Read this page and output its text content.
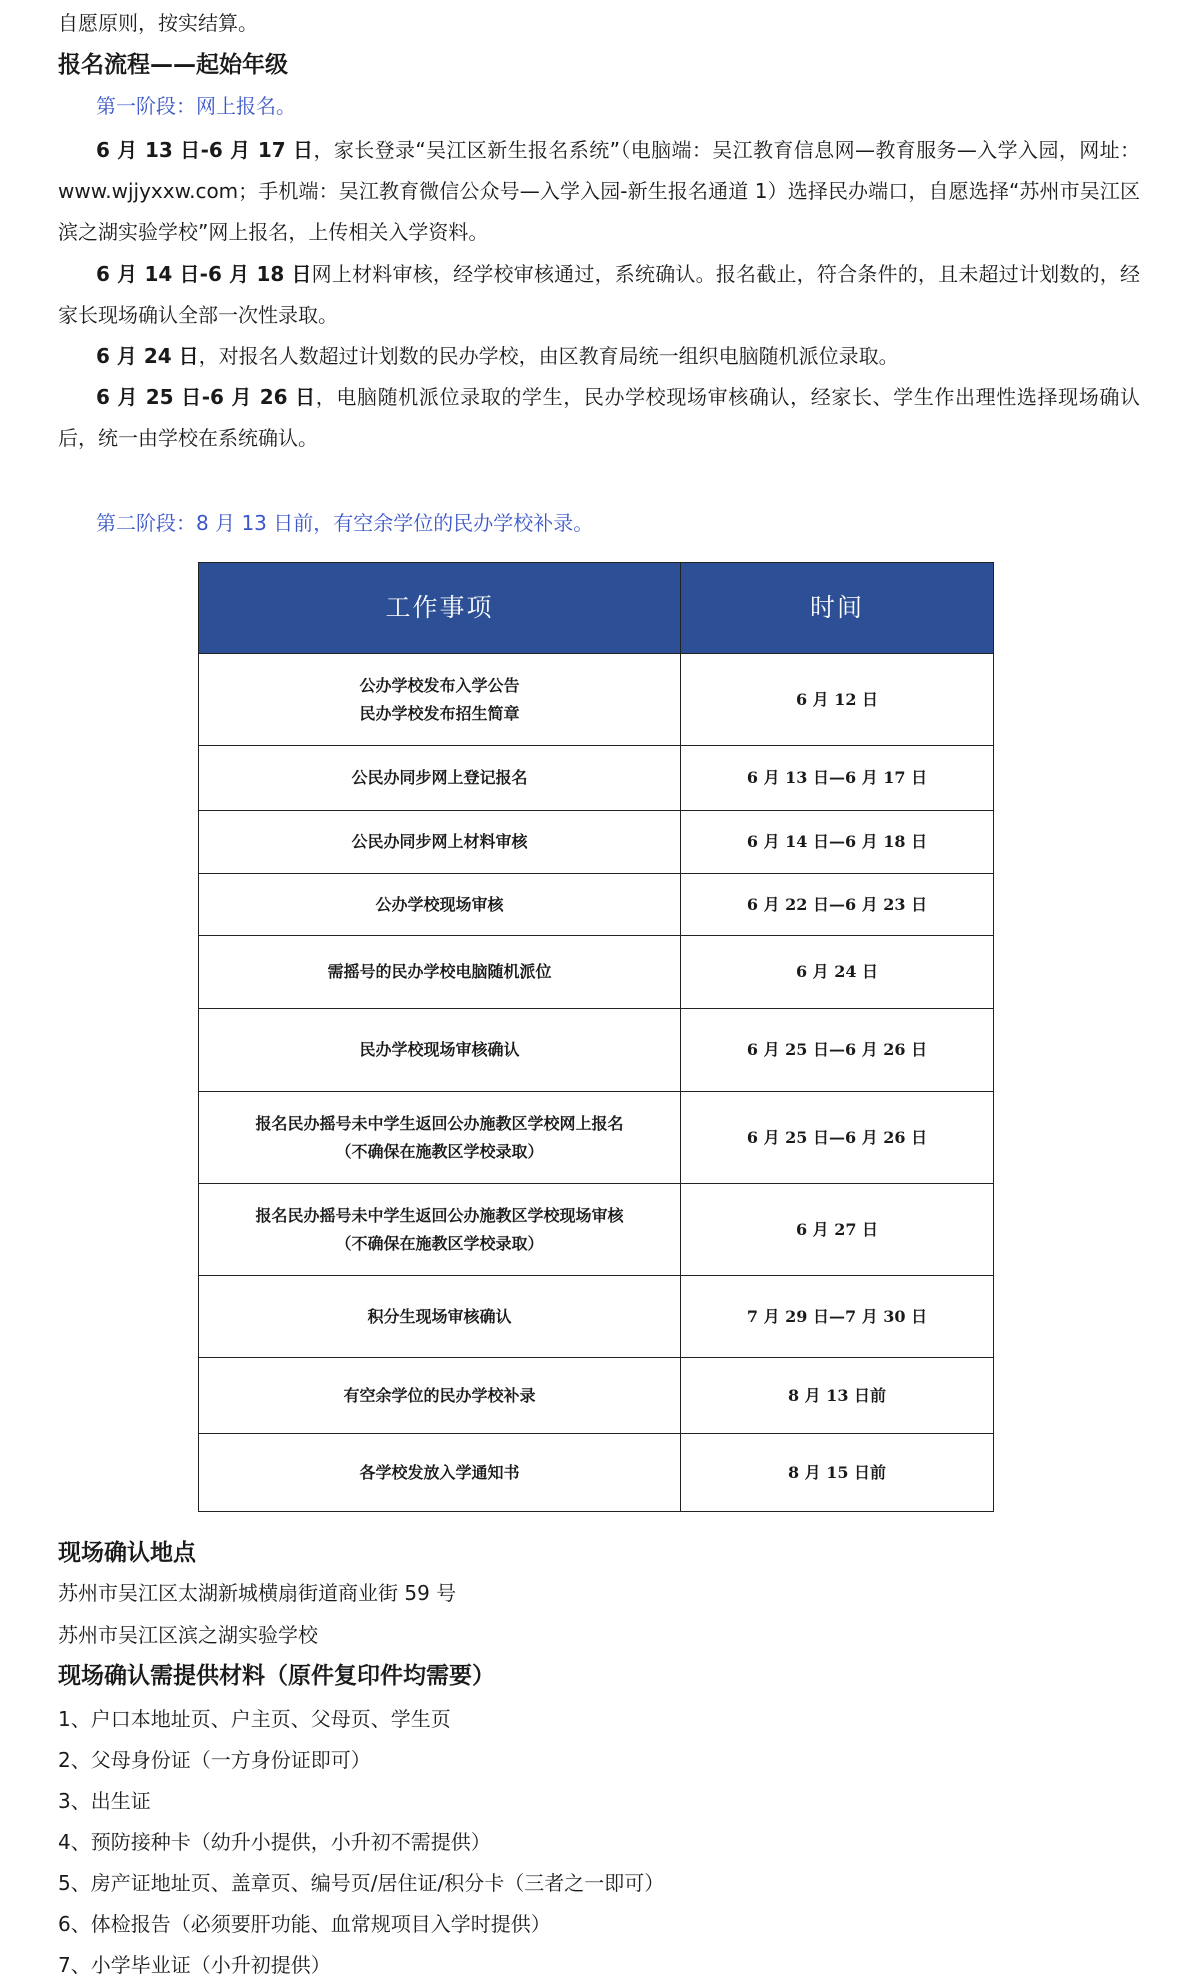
自愿原则，按实结算。
报名流程——起始年级
第一阶段：网上报名。
6 月 13 日-6 月 17 日，家长登录“吴江区新生报名系统”（电脑端：吴江教育信息网—教育服务—入学入园，网址：www.wjjyxxw.com；手机端：吴江教育微信公众号—入学入园-新生报名通道 1）选择民办端口，自愿选择“苏州市吴江区滨之湖实验学校”网上报名，上传相关入学资料。
6 月 14 日-6 月 18 日网上材料审核，经学校审核通过，系统确认。报名截止，符合条件的，且未超过计划数的，经家长现场确认全部一次性录取。
6 月 24 日，对报名人数超过计划数的民办学校，由区教育局统一组织电脑随机派位录取。
6 月 25 日-6 月 26 日，电脑随机派位录取的学生，民办学校现场审核确认，经家长、学生作出理性选择现场确认后，统一由学校在系统确认。
第二阶段：8 月 13 日前，有空余学位的民办学校补录。
工作事项	时间

公办学校发布入学公告
民办学校发布招生简章	6 月 12 日
公民办同步网上登记报名	6 月 13 日—6 月 17 日
公民办同步网上材料审核	6 月 14 日—6 月 18 日
公办学校现场审核	6 月 22 日—6 月 23 日
需摇号的民办学校电脑随机派位	6 月 24 日
民办学校现场审核确认	6 月 25 日—6 月 26 日

报名民办摇号未中学生返回公办施教区学校网上报名
（不确保在施教区学校录取）	6 月 25 日—6 月 26 日

报名民办摇号未中学生返回公办施教区学校现场审核
（不确保在施教区学校录取）	6 月 27 日
积分生现场审核确认	7 月 29 日—7 月 30 日
有空余学位的民办学校补录	8 月 13 日前
各学校发放入学通知书	8 月 15 日前
现场确认地点
苏州市吴江区太湖新城横扇街道商业街 59 号
苏州市吴江区滨之湖实验学校
现场确认需提供材料（原件复印件均需要）
1、户口本地址页、户主页、父母页、学生页
2、父母身份证（一方身份证即可）
3、出生证
4、预防接种卡（幼升小提供，小升初不需提供）
5、房产证地址页、盖章页、编号页/居住证/积分卡（三者之一即可）
6、体检报告（必须要肝功能、血常规项目入学时提供）
7、小学毕业证（小升初提供）
